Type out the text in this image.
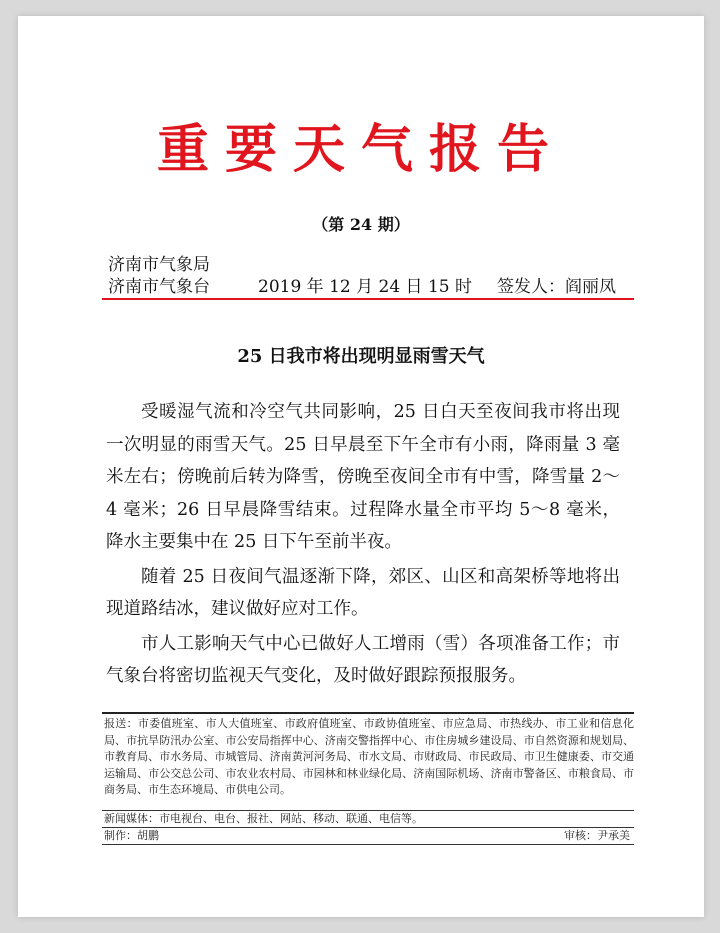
重要天气报告
（第 24 期）
济南市气象局
济南市气象台	2019 年 12 月 24 日 15 时 签发人：阎丽凤
25 日我市将出现明显雨雪天气

受暖湿气流和冷空气共同影响，25 日白天至夜间我市将出现一次明显的雨雪天气。25 日早晨至下午全市有小雨，降雨量 3 毫米左右；傍晚前后转为降雪，傍晚至夜间全市有中雪，降雪量 2～4 毫米；26 日早晨降雪结束。过程降水量全市平均 5～8 毫米，降水主要集中在 25 日下午至前半夜。

随着 25 日夜间气温逐渐下降，郊区、山区和高架桥等地将出现道路结冰，建议做好应对工作。

市人工影响天气中心已做好人工增雨（雪）各项准备工作；市气象台将密切监视天气变化，及时做好跟踪预报服务。

报送：市委值班室、市人大值班室、市政府值班室、市政协值班室、市应急局、市热线办、市工业和信息化局、市抗旱防汛办公室、市公安局指挥中心、济南交警指挥中心、市住房城乡建设局、市自然资源和规划局、市教育局、市水务局、市城管局、济南黄河河务局、市水文局、市财政局、市民政局、市卫生健康委、市交通运输局、市公交总公司、市农业农村局、市园林和林业绿化局、济南国际机场、济南市警备区、市粮食局、市商务局、市生态环境局、市供电公司。
新闻媒体：市电视台、电台、报社、网站、移动、联通、电信等。
制作：胡鹏	审核：尹承美
